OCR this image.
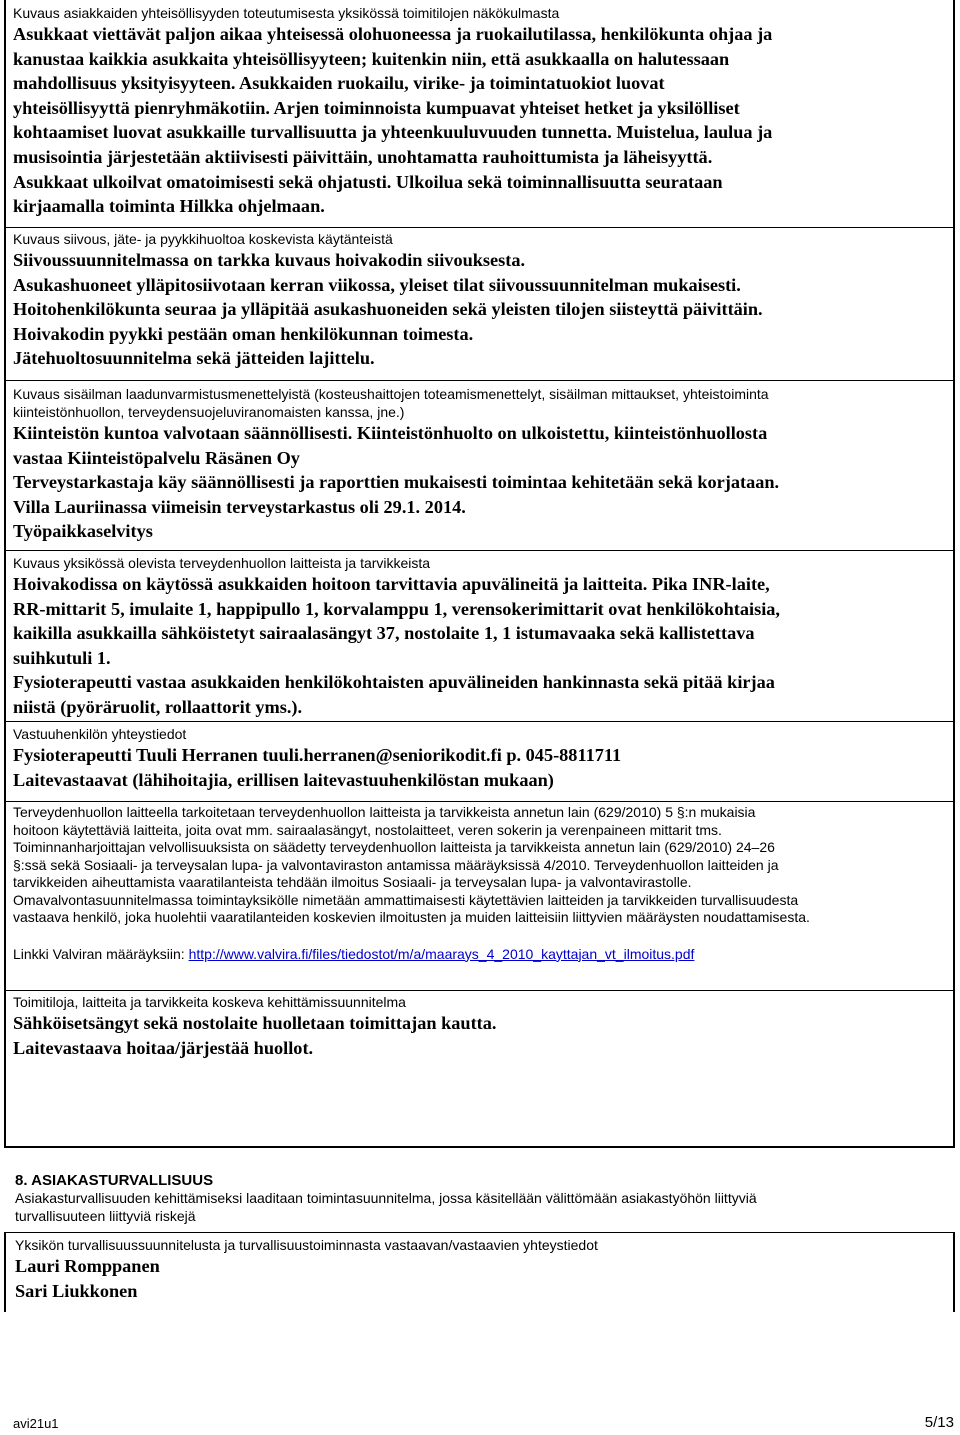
Kuvaus asiakkaiden yhteisöllisyyden toteutumisesta yksikössä toimitilojen näkökulmasta
Asukkaat viettävät paljon aikaa yhteisessä olohuoneessa ja ruokailutilassa, henkilökunta ohjaa ja
kanustaa kaikkia asukkaita yhteisöllisyyteen; kuitenkin niin, että asukkaalla on halutessaan
mahdollisuus yksityisyyteen. Asukkaiden ruokailu, virike- ja toimintatuokiot luovat
yhteisöllisyyttä pienryhmäkotiin. Arjen toiminnoista kumpuavat yhteiset hetket ja yksilölliset
kohtaamiset luovat asukkaille turvallisuutta ja yhteenkuuluvuuden tunnetta. Muistelua, laulua ja
musisointia järjestetään aktiivisesti päivittäin, unohtamatta rauhoittumista ja läheisyyttä.
Asukkaat ulkoilvat omatoimisesti sekä ohjatusti. Ulkoilua sekä toiminnallisuutta seurataan
kirjaamalla toiminta Hilkka ohjelmaan.
Kuvaus siivous, jäte- ja pyykkihuoltoa koskevista käytänteistä
Siivoussuunnitelmassa on tarkka kuvaus hoivakodin siivouksesta.
Asukashuoneet ylläpitosiivotaan kerran viikossa, yleiset tilat siivoussuunnitelman mukaisesti.
Hoitohenkilökunta seuraa ja ylläpitää asukashuoneiden sekä yleisten tilojen siisteyttä päivittäin.
Hoivakodin pyykki pestään oman henkilökunnan toimesta.
Jätehuoltosuunnitelma sekä jätteiden lajittelu.
Kuvaus sisäilman laadunvarmistusmenettelyistä (kosteushaittojen toteamismenettelyt, sisäilman mittaukset, yhteistoiminta
kiinteistönhuollon, terveydensuojeluviranomaisten kanssa, jne.)
Kiinteistön kuntoa valvotaan säännöllisesti. Kiinteistönhuolto on ulkoistettu, kiinteistönhuollosta
vastaa Kiinteistöpalvelu Räsänen Oy
Terveystarkastaja käy säännöllisesti ja raporttien mukaisesti toimintaa kehitetään sekä korjataan.
Villa Lauriinassa viimeisin terveystarkastus oli 29.1. 2014.
Työpaikkaselvitys
Kuvaus yksikössä olevista terveydenhuollon laitteista ja tarvikkeista
Hoivakodissa on käytössä asukkaiden hoitoon tarvittavia apuvälineitä ja laitteita. Pika INR-laite,
RR-mittarit 5, imulaite 1, happipullo 1, korvalamppu 1, verensokerimittarit ovat henkilökohtaisia,
kaikilla asukkailla sähköistetyt sairaalasängyt 37, nostolaite 1, 1 istumavaaka sekä kallistettava
suihkutuli 1.
Fysioterapeutti vastaa asukkaiden henkilökohtaisten apuvälineiden hankinnasta sekä pitää kirjaa
niistä (pyöräruolit, rollaattorit yms.).
Vastuuhenkilön yhteystiedot
Fysioterapeutti Tuuli Herranen tuuli.herranen@seniorikodit.fi p. 045-8811711
Laitevastaavat (lähihoitajia, erillisen laitevastuuhenkilöstan mukaan)
Terveydenhuollon laitteella tarkoitetaan terveydenhuollon laitteista ja tarvikkeista annetun lain (629/2010) 5 §:n mukaisia
hoitoon käytettäviä laitteita, joita ovat mm. sairaalasängyt, nostolaitteet, veren sokerin ja verenpaineen mittarit tms.
Toiminnanharjoittajan velvollisuuksista on säädetty terveydenhuollon laitteista ja tarvikkeista annetun lain (629/2010) 24–26
§:ssä sekä Sosiaali- ja terveysalan lupa- ja valvontaviraston antamissa määräyksissä 4/2010. Terveydenhuollon laitteiden ja
tarvikkeiden aiheuttamista vaaratilanteista tehdään ilmoitus Sosiaali- ja terveysalan lupa- ja valvontavirastolle.
Omavalvontasuunnitelmassa toimintayksikölle nimetään ammattimaisesti käytettävien laitteiden ja tarvikkeiden turvallisuudesta
vastaava henkilö, joka huolehtii vaaratilanteiden koskevien ilmoitusten ja muiden laitteisiin liittyvien määräysten noudattamisesta.
Linkki Valviran määräyksiin: http://www.valvira.fi/files/tiedostot/m/a/maarays_4_2010_kayttajan_vt_ilmoitus.pdf
Toimitiloja, laitteita ja tarvikkeita koskeva kehittämissuunnitelma
Sähköisetsängyt sekä nostolaite huolletaan toimittajan kautta.
Laitevastaava hoitaa/järjestää huollot.
8. ASIAKASTURVALLISUUS
Asiakasturvallisuuden kehittämiseksi laaditaan toimintasuunnitelma, jossa käsitellään välittömään asiakastyöhön liittyviä
turvallisuuteen liittyviä riskejä
Yksikön turvallisuussuunnitelusta ja turvallisuustoiminnasta vastaavan/vastaavien yhteystiedot
Lauri Romppanen
Sari Liukkonen
avi21u1	5/13
